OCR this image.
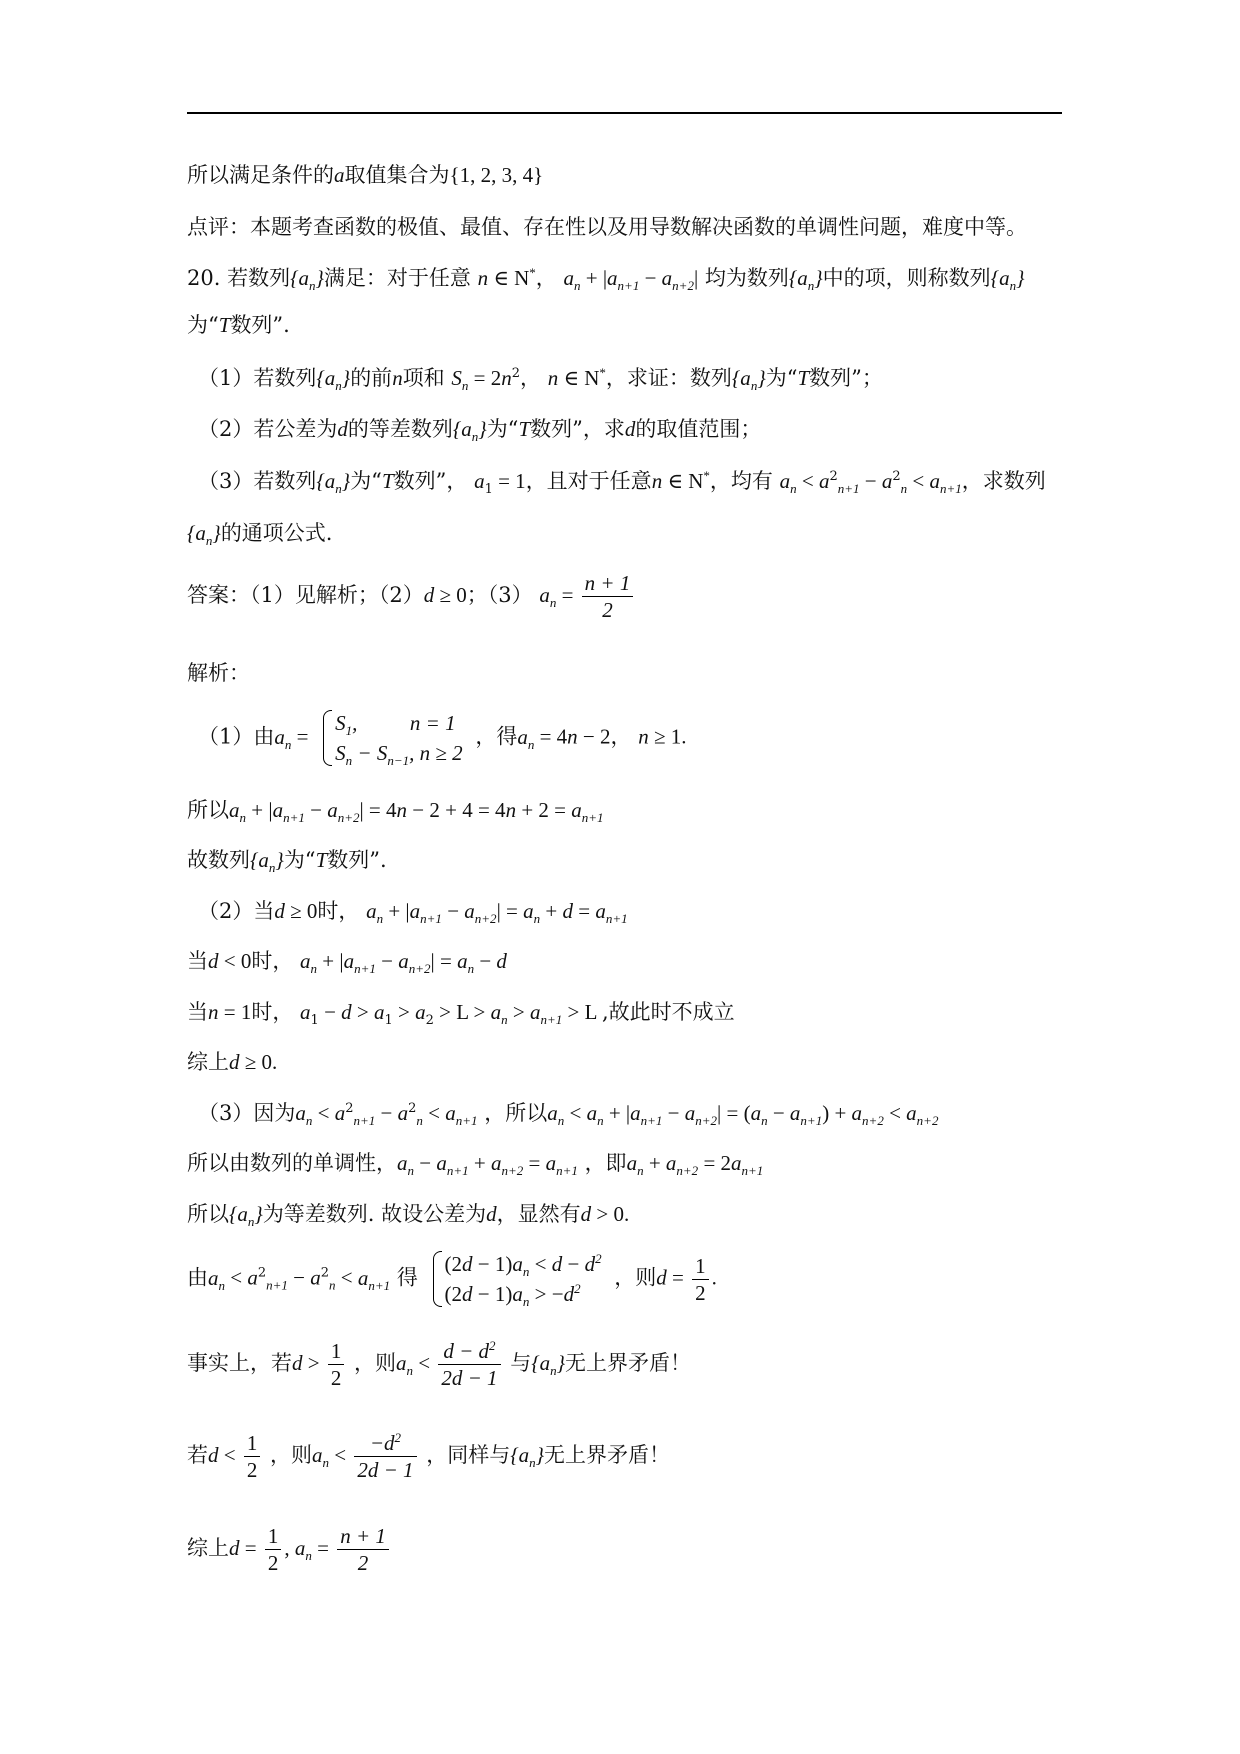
所以满足条件的a取值集合为{1, 2, 3, 4}
点评：本题考查函数的极值、最值、存在性以及用导数解决函数的单调性问题，难度中等。
20. 若数列$\{a_n\}$满足：对于任意 n ∈ N*， $a_n + |a_{n+1} - a_{n+2}|$ 均为数列$\{a_n\}$中的项，则称数列$\{a_n\}$
为“T数列”.
（1）若数列$\{a_n\}$的前n项和 $S_n = 2n^2$， n ∈ N*，求证：数列$\{a_n\}$为“T数列”；
（2）若公差为d的等差数列$\{a_n\}$为“T数列”，求d的取值范围；
（3）若数列$\{a_n\}$为“T数列”， $a_1 = 1$，且对于任意n ∈ N*，均有 $a_n < a^2_{n+1} - a^2_n < a_{n+1}$，求数列
$\{a_n\}$的通项公式.
答案：（1）见解析；（2）d ≥ 0；（3） $a_n = \frac{n + 1}{2}$
解析：
（1）由$a_n$ =
$S_1$,          n = 1
$S_n - S_{n-1}$, n ≥ 2
，得$a_n = 4n - 2$， n ≥ 1.
所以$a_n + |a_{n+1} - a_{n+2}| = 4n - 2 + 4 = 4n + 2 = a_{n+1}$
故数列$\{a_n\}$为“T数列”.
（2）当d ≥ 0时， $a_n + |a_{n+1} - a_{n+2}| = a_n + d = a_{n+1}$
当d < 0时， $a_n + |a_{n+1} - a_{n+2}| = a_n - d$
当n = 1时， $a_1 - d > a_1 > a_2 > L > a_n > a_{n+1} > L$ ,故此时不成立
综上d ≥ 0.
（3）因为$a_n < a^2_{n+1} - a^2_n < a_{n+1}$ ，所以$a_n < a_n + |a_{n+1} - a_{n+2}| = (a_n - a_{n+1}) + a_{n+2} < a_{n+2}$
所以由数列的单调性，$a_n - a_{n+1} + a_{n+2} = a_{n+1}$ ，即$a_n + a_{n+2} = 2a_{n+1}$
所以$\{a_n\}$为等差数列. 故设公差为d，显然有d > 0.
由$a_n < a^2_{n+1} - a^2_n < a_{n+1}$ 得
$(2d - 1)a_n < d - d^2$
$(2d - 1)a_n > -d^2$	，则$d = \frac{1}{2}$ .
事实上，若$d > \frac{1}{2}$ ，则$a_n < \frac{d - d^2}{2d - 1}$ 与$\{a_n\}$无上界矛盾！
若$d < \frac{1}{2}$ ，则$a_n < \frac{-d^2}{2d - 1}$ ，同样与$\{a_n\}$无上界矛盾！
综上$d = \frac{1}{2}$ , $a_n = \frac{n + 1}{2}$
